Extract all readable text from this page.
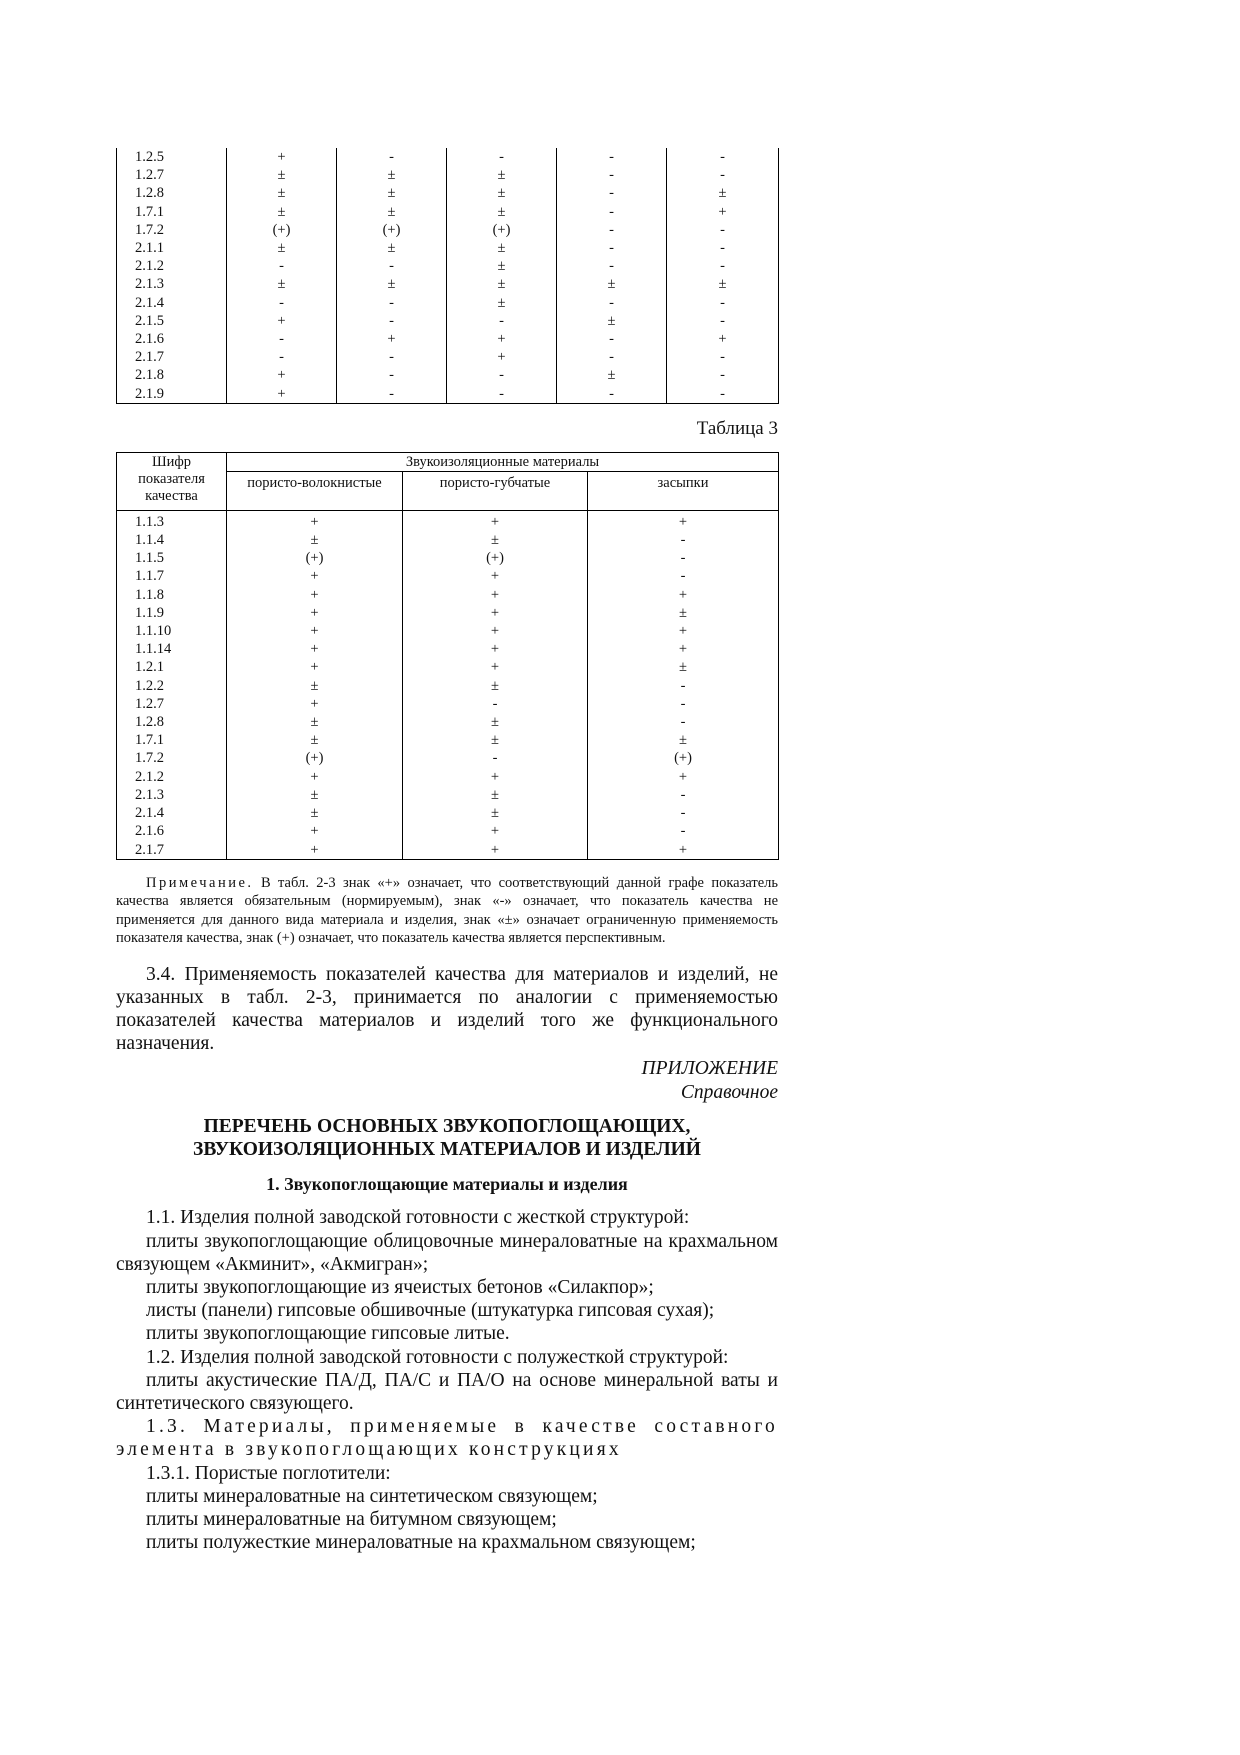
1.2.5	+	-	-	-	-
1.2.7	±	±	±	-	-
1.2.8	±	±	±	-	±
1.7.1	±	±	±	-	+
1.7.2	(+)	(+)	(+)	-	-
2.1.1	±	±	±	-	-
2.1.2	-	-	±	-	-
2.1.3	±	±	±	±	±
2.1.4	-	-	±	-	-
2.1.5	+	-	-	±	-
2.1.6	-	+	+	-	+
2.1.7	-	-	+	-	-
2.1.8	+	-	-	±	-
2.1.9	+	-	-	-	-
Таблица 3
Шифр показателя качества	Звукоизоляционные материалы		
	пористо-волокнистые	пористо-губчатые	засыпки
1.1.3	+	+	+
1.1.4	±	±	-
1.1.5	(+)	(+)	-
1.1.7	+	+	-
1.1.8	+	+	+
1.1.9	+	+	±
1.1.10	+	+	+
1.1.14	+	+	+
1.2.1	+	+	±
1.2.2	±	±	-
1.2.7	+	-	-
1.2.8	±	±	-
1.7.1	±	±	±
1.7.2	(+)	-	(+)
2.1.2	+	+	+
2.1.3	±	±	-
2.1.4	±	±	-
2.1.6	+	+	-
2.1.7	+	+	+

Примечание. В табл. 2-3 знак «+» означает, что соответствующий данной графе показатель качества является обязательным (нормируемым), знак «-» означает, что показатель качества не применяется для данного вида материала и изделия, знак «±» означает ограниченную применяемость показателя качества, знак (+) означает, что показатель качества является перспективным.

3.4. Применяемость показателей качества для материалов и изделий, не указанных в табл. 2-3, принимается по аналогии с применяемостью показателей качества материалов и изделий того же функционального назначения.

ПРИЛОЖЕНИЕ
Справочное
ПЕРЕЧЕНЬ ОСНОВНЫХ ЗВУКОПОГЛОЩАЮЩИХ,
ЗВУКОИЗОЛЯЦИОННЫХ МАТЕРИАЛОВ И ИЗДЕЛИЙ
1. Звукопоглощающие материалы и изделия

1.1. Изделия полной заводской готовности с жесткой структурой:

плиты звукопоглощающие облицовочные минераловатные на крахмальном связующем «Акминит», «Акмигран»;

плиты звукопоглощающие из ячеистых бетонов «Силакпор»;

листы (панели) гипсовые обшивочные (штукатурка гипсовая сухая);

плиты звукопоглощающие гипсовые литые.

1.2. Изделия полной заводской готовности с полужесткой структурой:

плиты акустические ПА/Д, ПА/С и ПА/О на основе минеральной ваты и синтетического связующего.

1.3. Материалы, применяемые в качестве составного элемента в звукопоглощающих конструкциях

1.3.1. Пористые поглотители:

плиты минераловатные на синтетическом связующем;

плиты минераловатные на битумном связующем;

плиты полужесткие минераловатные на крахмальном связующем;
